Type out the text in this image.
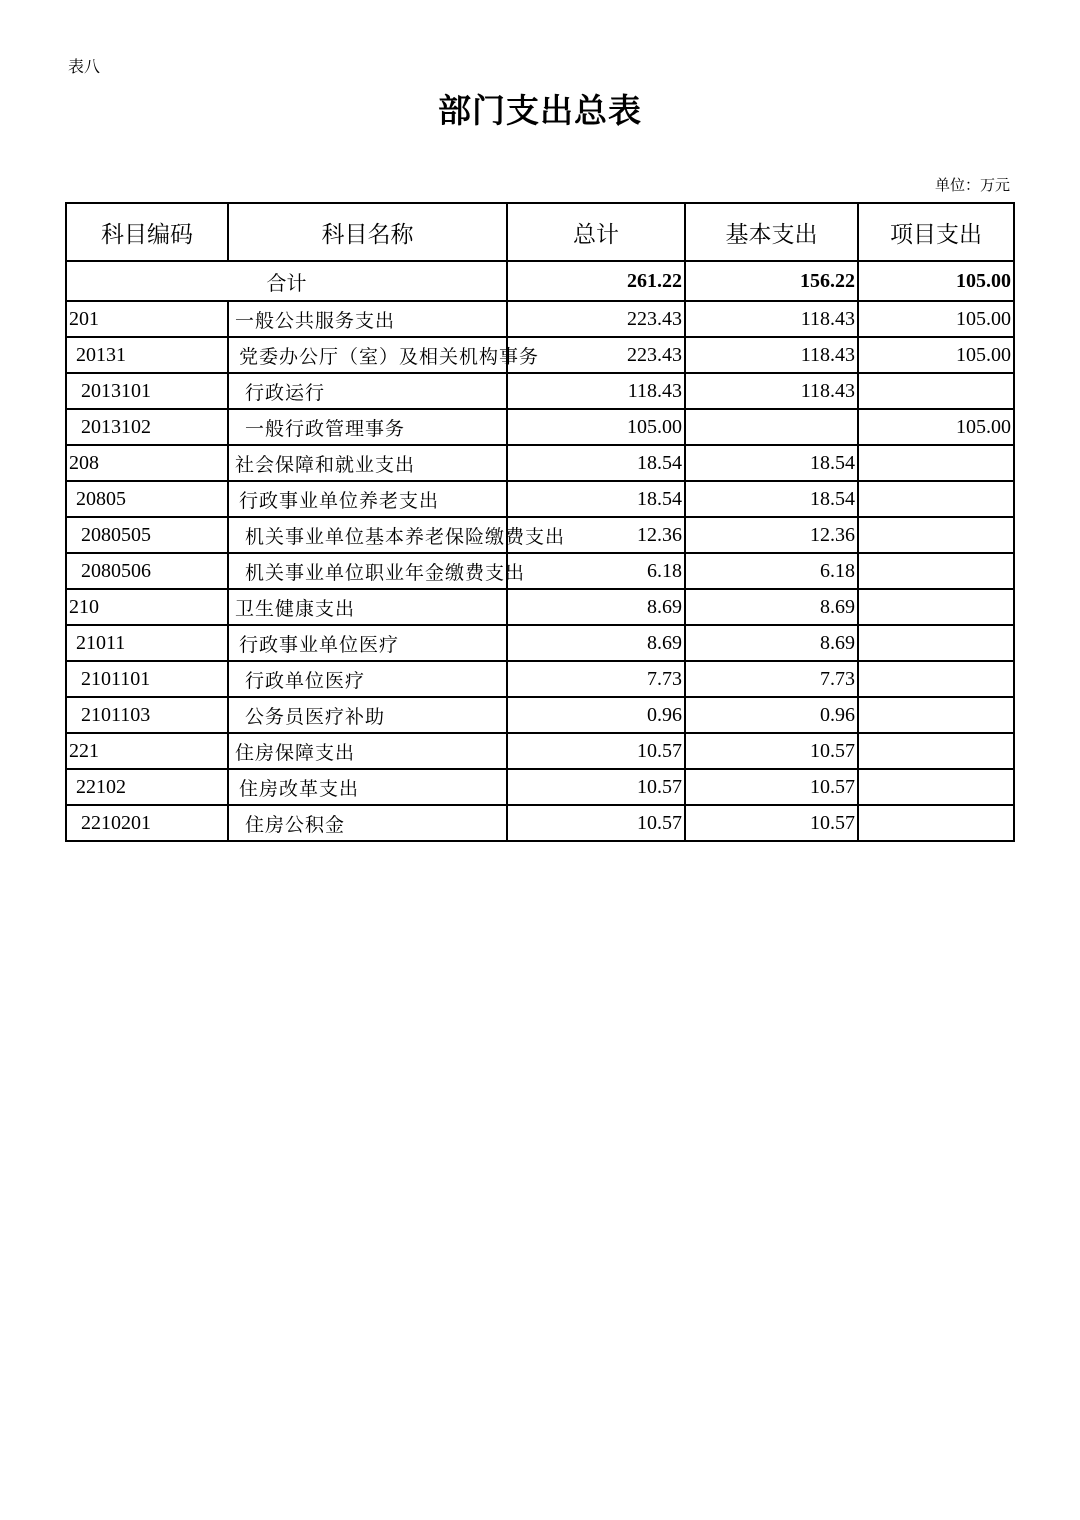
表八
部门支出总表
单位：万元
科目编码	科目名称	总计	基本支出	项目支出
合计		261.22	156.22	105.00
201	一般公共服务支出	223.43	118.43	105.00
20131	党委办公厅（室）及相关机构事务	223.43	118.43	105.00
2013101	行政运行	118.43	118.43	
2013102	一般行政管理事务	105.00		105.00
208	社会保障和就业支出	18.54	18.54	
20805	行政事业单位养老支出	18.54	18.54	
2080505	机关事业单位基本养老保险缴费支出	12.36	12.36	
2080506	机关事业单位职业年金缴费支出	6.18	6.18	
210	卫生健康支出	8.69	8.69	
21011	行政事业单位医疗	8.69	8.69	
2101101	行政单位医疗	7.73	7.73	
2101103	公务员医疗补助	0.96	0.96	
221	住房保障支出	10.57	10.57	
22102	住房改革支出	10.57	10.57	
2210201	住房公积金	10.57	10.57	
